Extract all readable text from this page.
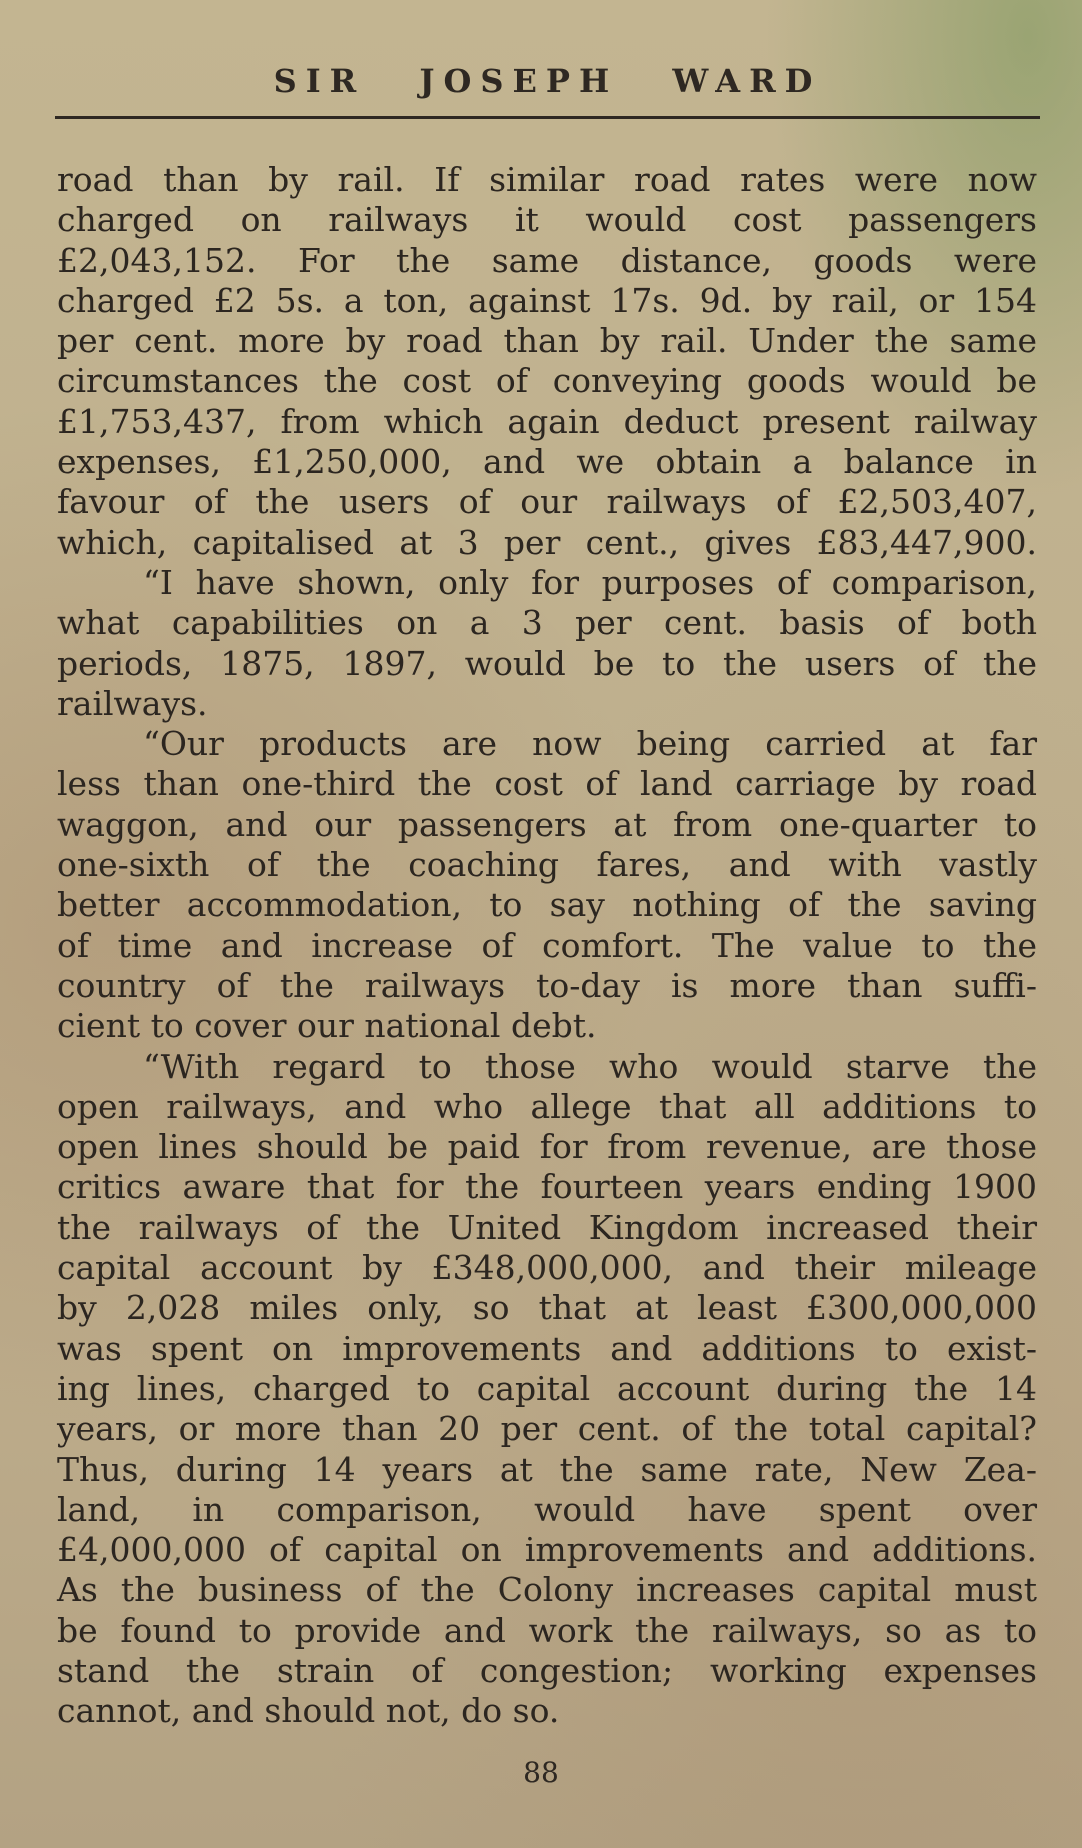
SIR JOSEPH WARD
road than by rail. If similar road rates were now
charged on railways it would cost passengers
£2,043,152. For the same distance, goods were
charged £2 5s. a ton, against 17s. 9d. by rail, or 154
per cent. more by road than by rail. Under the same
circumstances the cost of conveying goods would be
£1,753,437, from which again deduct present railway
expenses, £1,250,000, and we obtain a balance in
favour of the users of our railways of £2,503,407,
which, capitalised at 3 per cent., gives £83,447,900.
“I have shown, only for purposes of comparison,
what capabilities on a 3 per cent. basis of both
periods, 1875, 1897, would be to the users of the
railways.
“Our products are now being carried at far
less than one-third the cost of land carriage by road
waggon, and our passengers at from one-quarter to
one-sixth of the coaching fares, and with vastly
better accommodation, to say nothing of the saving
of time and increase of comfort. The value to the
country of the railways to-day is more than suffi-
cient to cover our national debt.
“With regard to those who would starve the
open railways, and who allege that all additions to
open lines should be paid for from revenue, are those
critics aware that for the fourteen years ending 1900
the railways of the United Kingdom increased their
capital account by £348,000,000, and their mileage
by 2,028 miles only, so that at least £300,000,000
was spent on improvements and additions to exist-
ing lines, charged to capital account during the 14
years, or more than 20 per cent. of the total capital?
Thus, during 14 years at the same rate, New Zea-
land, in comparison, would have spent over
£4,000,000 of capital on improvements and additions.
As the business of the Colony increases capital must
be found to provide and work the railways, so as to
stand the strain of congestion; working expenses
cannot, and should not, do so.
88
